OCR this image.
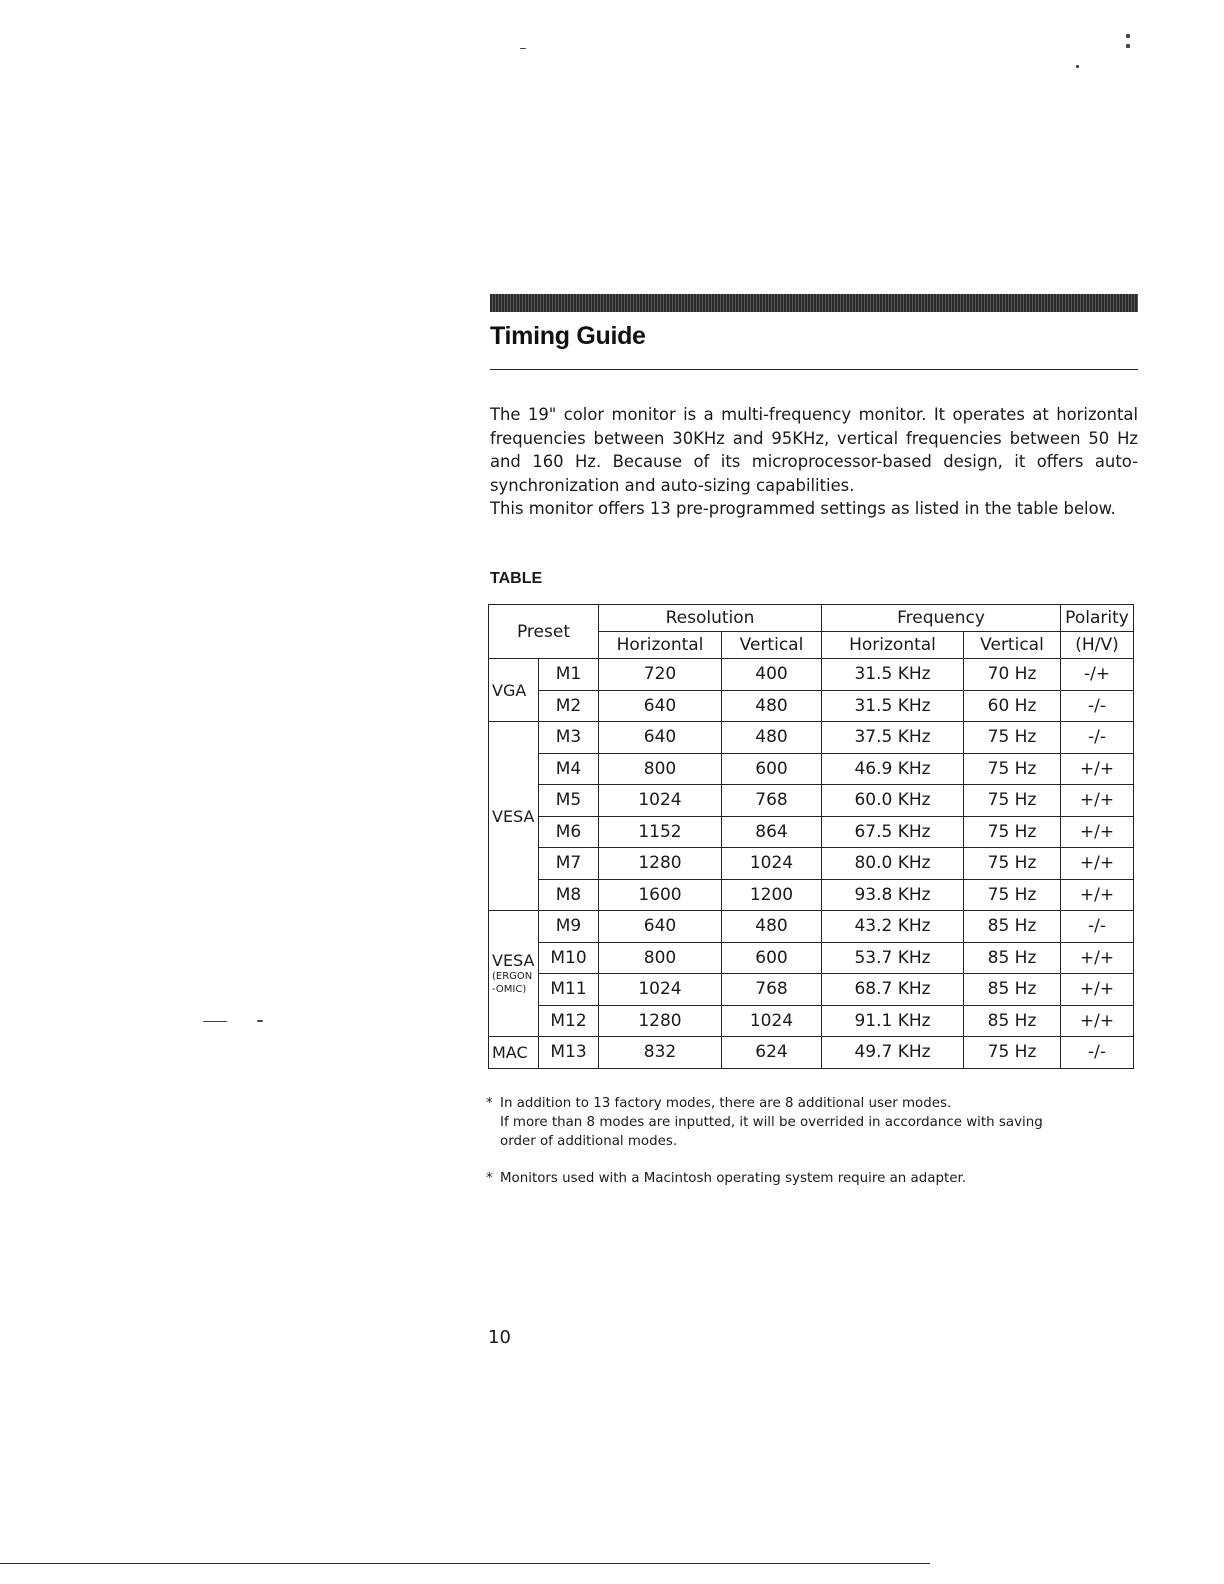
Timing Guide

The 19" color monitor is a multi-frequency monitor. It operates at horizontal frequencies between 30KHz and 95KHz, vertical frequencies between 50 Hz and 160 Hz. Because of its microprocessor-based design, it offers auto-synchronization and auto-sizing capabilities.

This monitor offers 13 pre-programmed settings as listed in the table below.

TABLE
Preset		Resolution		Frequency		Polarity
		Horizontal	Vertical	Horizontal	Vertical	(H/V)
VGA	M1	720	400	31.5 KHz	70 Hz	-/+
	M2	640	480	31.5 KHz	60 Hz	-/-
VESA	M3	640	480	37.5 KHz	75 Hz	-/-
	M4	800	600	46.9 KHz	75 Hz	+/+
	M5	1024	768	60.0 KHz	75 Hz	+/+
	M6	1152	864	67.5 KHz	75 Hz	+/+
	M7	1280	1024	80.0 KHz	75 Hz	+/+
	M8	1600	1200	93.8 KHz	75 Hz	+/+
VESA
(ERGON
-OMIC)	M9	640	480	43.2 KHz	85 Hz	-/-
	M10	800	600	53.7 KHz	85 Hz	+/+
	M11	1024	768	68.7 KHz	85 Hz	+/+
	M12	1280	1024	91.1 KHz	85 Hz	+/+
MAC	M13	832	624	49.7 KHz	75 Hz	-/-
* In addition to 13 factory modes, there are 8 additional user modes.
If more than 8 modes are inputted, it will be overrided in accordance with saving
order of additional modes.
* Monitors used with a Macintosh operating system require an adapter.

10
